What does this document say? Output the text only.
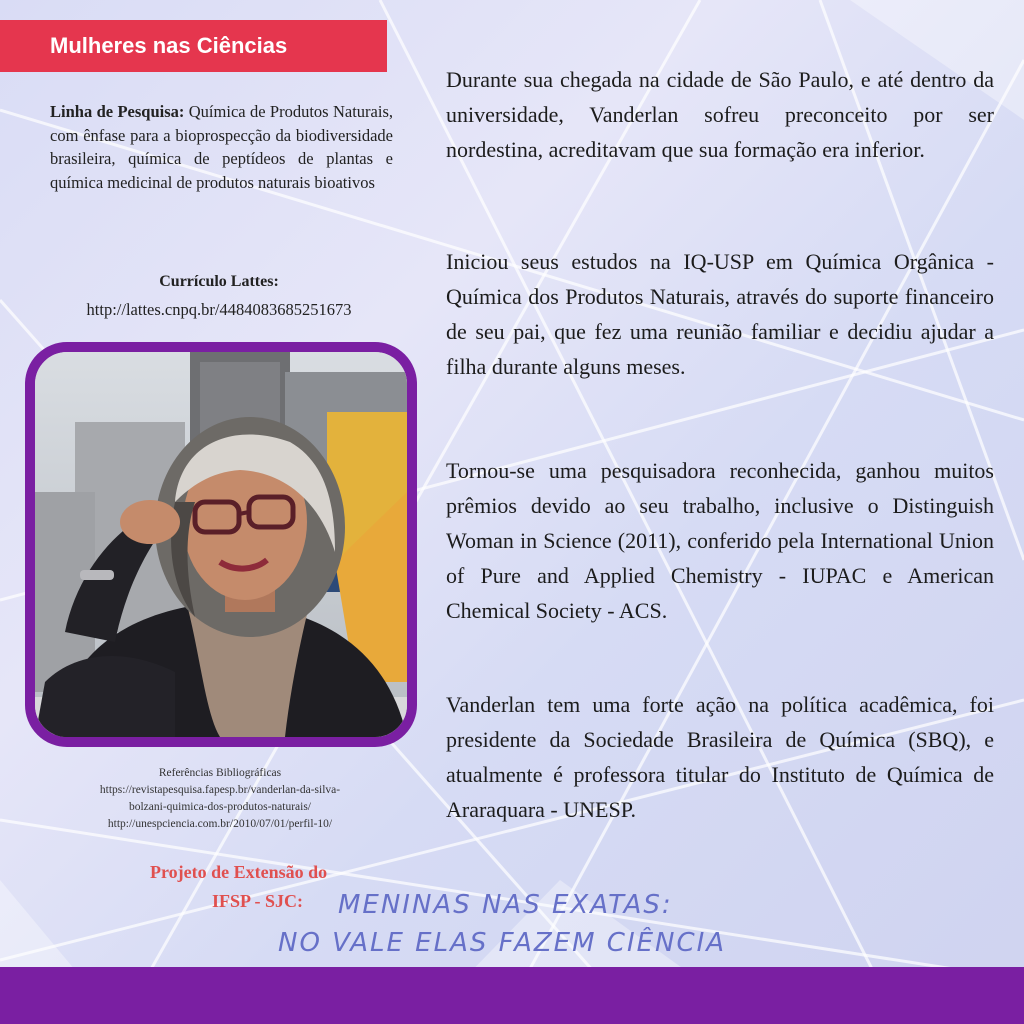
Mulheres nas Ciências
Linha de Pesquisa: Química de Produtos Naturais, com ênfase para a bioprospecção da biodiversidade brasileira, química de peptídeos de plantas e química medicinal de produtos naturais bioativos
Currículo Lattes:
http://lattes.cnpq.br/4484083685251673
Referências Bibliográficas
https://revistapesquisa.fapesp.br/vanderlan-da-silva-
bolzani-quimica-dos-produtos-naturais/
http://unespciencia.com.br/2010/07/01/perfil-10/
Projeto de Extensão do
IFSP - SJC: MENINAS NAS EXATAS:
NO VALE ELAS FAZEM CIÊNCIA
Durante sua chegada na cidade de São Paulo, e até dentro da universidade, Vanderlan sofreu preconceito por ser nordestina, acreditavam que sua formação era inferior.
Iniciou seus estudos na IQ-USP em Química Orgânica - Química dos Produtos Naturais, através do suporte financeiro de seu pai, que fez uma reunião familiar e decidiu ajudar a filha durante alguns meses.
Tornou-se uma pesquisadora reconhecida, ganhou muitos prêmios devido ao seu trabalho, inclusive o Distinguish Woman in Science (2011), conferido pela International Union of Pure and Applied Chemistry - IUPAC e American Chemical Society - ACS.
Vanderlan tem uma forte ação na política acadêmica, foi presidente da Sociedade Brasileira de Química (SBQ), e atualmente é professora titular do Instituto de Química de Araraquara - UNESP.
